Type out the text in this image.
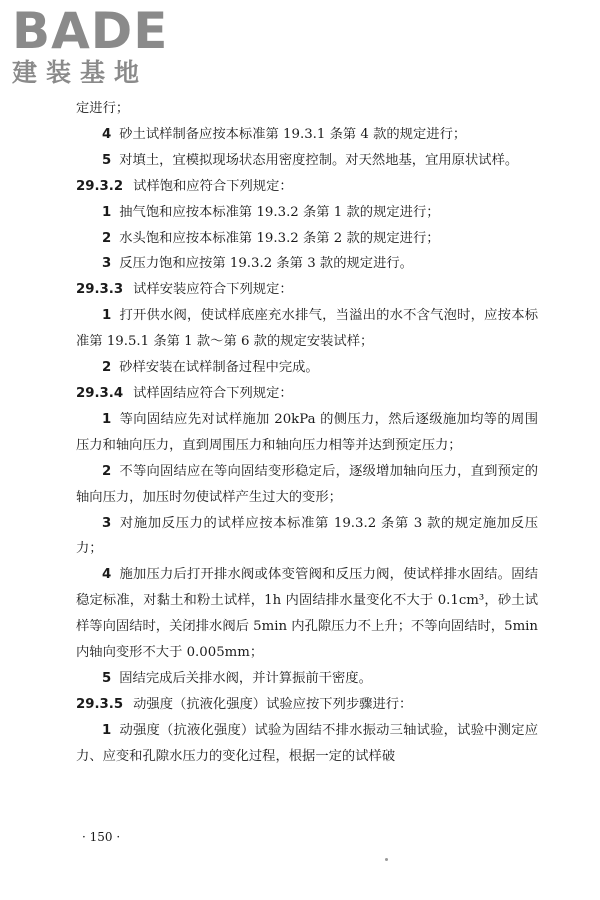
BADE
建装基地

定进行；

4 砂土试样制备应按本标准第 19.3.1 条第 4 款的规定进行；

5 对填土，宜模拟现场状态用密度控制。对天然地基，宜用原状试样。

29.3.2 试样饱和应符合下列规定：

1 抽气饱和应按本标准第 19.3.2 条第 1 款的规定进行；

2 水头饱和应按本标准第 19.3.2 条第 2 款的规定进行；

3 反压力饱和应按第 19.3.2 条第 3 款的规定进行。

29.3.3 试样安装应符合下列规定：

1 打开供水阀，使试样底座充水排气，当溢出的水不含气泡时，应按本标准第 19.5.1 条第 1 款～第 6 款的规定安装试样；

2 砂样安装在试样制备过程中完成。

29.3.4 试样固结应符合下列规定：

1 等向固结应先对试样施加 20kPa 的侧压力，然后逐级施加均等的周围压力和轴向压力，直到周围压力和轴向压力相等并达到预定压力；

2 不等向固结应在等向固结变形稳定后，逐级增加轴向压力，直到预定的轴向压力，加压时勿使试样产生过大的变形；

3 对施加反压力的试样应按本标准第 19.3.2 条第 3 款的规定施加反压力；

4 施加压力后打开排水阀或体变管阀和反压力阀，使试样排水固结。固结稳定标准，对黏土和粉土试样，1h 内固结排水量变化不大于 0.1cm³，砂土试样等向固结时，关闭排水阀后 5min 内孔隙压力不上升；不等向固结时，5min 内轴向变形不大于 0.005mm；

5 固结完成后关排水阀，并计算振前干密度。

29.3.5 动强度（抗液化强度）试验应按下列步骤进行：

1 动强度（抗液化强度）试验为固结不排水振动三轴试验，试验中测定应力、应变和孔隙水压力的变化过程，根据一定的试样破

· 150 ·
